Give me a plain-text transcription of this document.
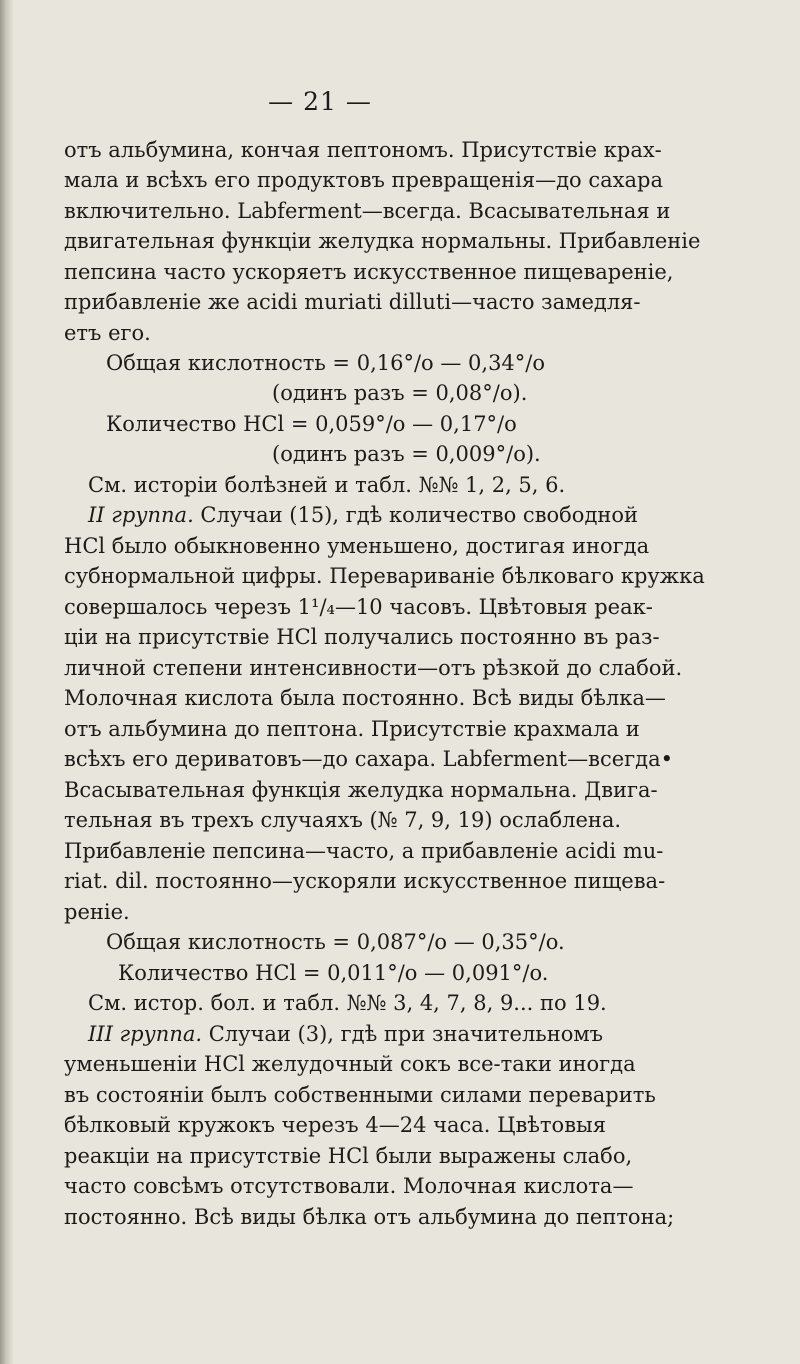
— 21 —

отъ альбумина, кончая пептономъ. Присутствіе крах-

мала и всѣхъ его продуктовъ превращенія—до сахара

включительно. Labferment—всегда. Всасывательная и

двигательная функціи желудка нормальны. Прибавленіе

пепсина часто ускоряетъ искусственное пищевареніе,

прибавленіе же acidi muriati dilluti—часто замедля-

етъ его.

Общая кислотность = 0,16°/o — 0,34°/o

(одинъ разъ = 0,08°/o).

Количество HCl = 0,059°/o — 0,17°/o

(одинъ разъ = 0,009°/o).

См. исторіи болѣзней и табл. №№ 1, 2, 5, 6.

II группа. Случаи (15), гдѣ количество свободной

HCl было обыкновенно уменьшено, достигая иногда

субнормальной цифры. Перевариваніе бѣлковаго кружка

совершалось черезъ 1¹/₄—10 часовъ. Цвѣтовыя реак-

ціи на присутствіе HCl получались постоянно въ раз-

личной степени интенсивности—отъ рѣзкой до слабой.

Молочная кислота была постоянно. Всѣ виды бѣлка—

отъ альбумина до пептона. Присутствіе крахмала и

всѣхъ его дериватовъ—до сахара. Labferment—всегда•

Всасывательная функція желудка нормальна. Двига-

тельная въ трехъ случаяхъ (№ 7, 9, 19) ослаблена.

Прибавленіе пепсина—часто, а прибавленіе acidi mu-

riat. dil. постоянно—ускоряли искусственное пищева-

реніе.

Общая кислотность = 0,087°/o — 0,35°/o.

Количество HCl = 0,011°/o — 0,091°/o.

См. истор. бол. и табл. №№ 3, 4, 7, 8, 9... по 19.

III группа. Случаи (3), гдѣ при значительномъ

уменьшеніи HCl желудочный сокъ все-таки иногда

въ состояніи былъ собственными силами переварить

бѣлковый кружокъ черезъ 4—24 часа. Цвѣтовыя

реакціи на присутствіе HCl были выражены слабо,

часто совсѣмъ отсутствовали. Молочная кислота—

постоянно. Всѣ виды бѣлка отъ альбумина до пептона;
